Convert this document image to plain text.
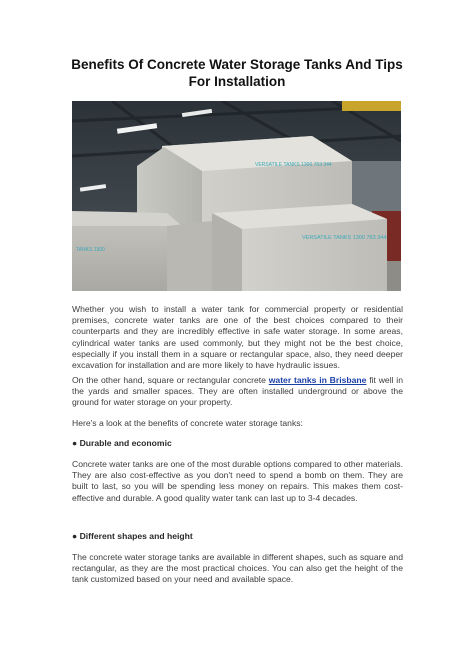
Benefits Of Concrete Water Storage Tanks And Tips For Installation
VERSATILE TANKS 1300 763 344
VERSATILE TANKS 1300 763 344
TANKS 1300
Whether you wish to install a water tank for commercial property or residential premises, concrete water tanks are one of the best choices compared to their counterparts and they are incredibly effective in safe water storage. In some areas, cylindrical water tanks are used commonly, but they might not be the best choice, especially if you install them in a square or rectangular space, also, they need deeper excavation for installation and are more likely to have hydraulic issues.
On the other hand, square or rectangular concrete water tanks in Brisbane fit well in the yards and smaller spaces. They are often installed underground or above the ground for water storage on your property.
Here's a look at the benefits of concrete water storage tanks:
● Durable and economic
Concrete water tanks are one of the most durable options compared to other materials. They are also cost-effective as you don't need to spend a bomb on them. They are built to last, so you will be spending less money on repairs. This makes them cost-effective and durable. A good quality water tank can last up to 3-4 decades.
● Different shapes and height
The concrete water storage tanks are available in different shapes, such as square and rectangular, as they are the most practical choices. You can also get the height of the tank customized based on your need and available space.
